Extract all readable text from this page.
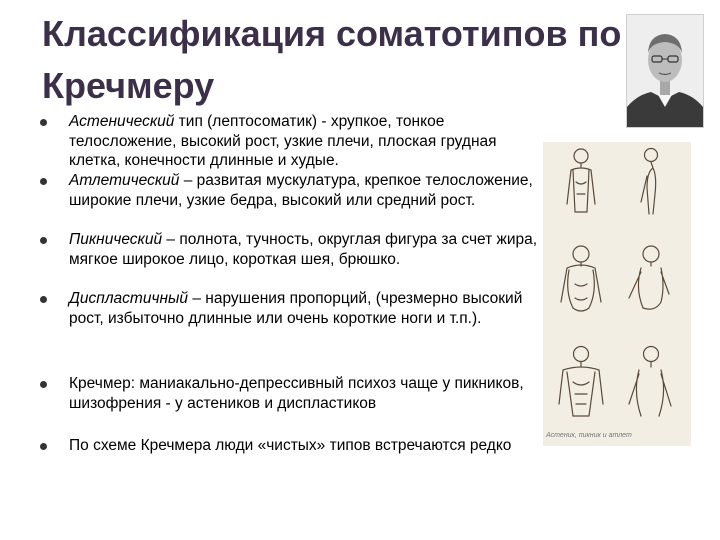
Классификация соматотипов по Кречмеру
Астенический тип (лептосоматик) - хрупкое, тонкое телосложение, высокий рост, узкие плечи, плоская грудная клетка, конечности длинные и худые.
Атлетический – развитая мускулатура, крепкое телосложение, широкие плечи, узкие бедра, высокий или средний рост.
Пикнический – полнота, тучность, округлая фигура за счет жира, мягкое широкое лицо, короткая шея, брюшко.
Диспластичный – нарушения пропорций, (чрезмерно высокий рост, избыточно длинные или очень короткие ноги и т.п.).
Кречмер: маниакально-депрессивный психоз чаще у пикников, шизофрения - у астеников и диспластиков
По схеме Кречмера люди «чистых» типов встречаются редко
Астеник, пикник и атлет
